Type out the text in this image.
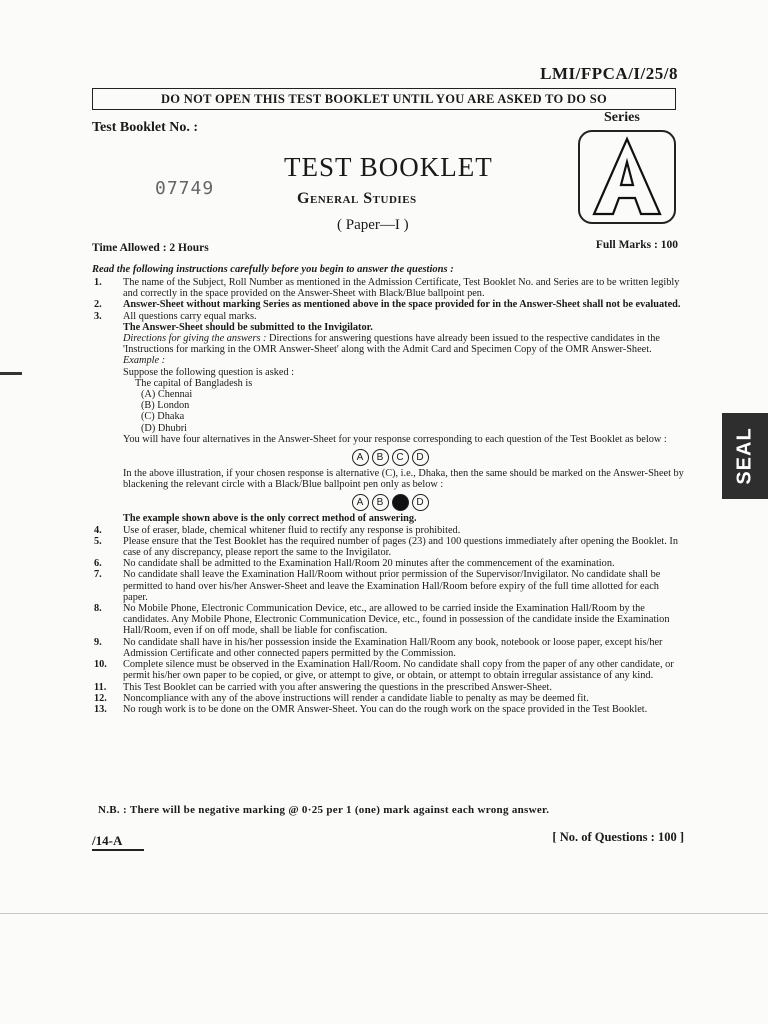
LMI/FPCA/I/25/8
DO NOT OPEN THIS TEST BOOKLET UNTIL YOU ARE ASKED TO DO SO
Test Booklet No. :
07749
Series
TEST BOOKLET
General Studies
( Paper—I )
Time Allowed : 2 Hours	Full Marks : 100
Read the following instructions carefully before you begin to answer the questions :
1.	The name of the Subject, Roll Number as mentioned in the Admission Certificate, Test Booklet No. and Series are to be written legibly and correctly in the space provided on the Answer-Sheet with Black/Blue ballpoint pen.
2.	Answer-Sheet without marking Series as mentioned above in the space provided for in the Answer-Sheet shall not be evaluated.
3.	All questions carry equal marks.
The Answer-Sheet should be submitted to the Invigilator.
Directions for giving the answers : Directions for answering questions have already been issued to the respective candidates in the 'Instructions for marking in the OMR Answer-Sheet' along with the Admit Card and Specimen Copy of the OMR Answer-Sheet.
Example :
Suppose the following question is asked :
The capital of Bangladesh is
(A) Chennai
(B) London
(C) Dhaka
(D) Dhubri
You will have four alternatives in the Answer-Sheet for your response corresponding to each question of the Test Booklet as below :
A	B	C	D
In the above illustration, if your chosen response is alternative (C), i.e., Dhaka, then the same should be marked on the Answer-Sheet by blackening the relevant circle with a Black/Blue ballpoint pen only as below :
A	B	D
The example shown above is the only correct method of answering.
4.	Use of eraser, blade, chemical whitener fluid to rectify any response is prohibited.
5.	Please ensure that the Test Booklet has the required number of pages (23) and 100 questions immediately after opening the Booklet. In case of any discrepancy, please report the same to the Invigilator.
6.	No candidate shall be admitted to the Examination Hall/Room 20 minutes after the commencement of the examination.
7.	No candidate shall leave the Examination Hall/Room without prior permission of the Supervisor/Invigilator. No candidate shall be permitted to hand over his/her Answer-Sheet and leave the Examination Hall/Room before expiry of the full time allotted for each paper.
8.	No Mobile Phone, Electronic Communication Device, etc., are allowed to be carried inside the Examination Hall/Room by the candidates. Any Mobile Phone, Electronic Communication Device, etc., found in possession of the candidate inside the Examination Hall/Room, even if on off mode, shall be liable for confiscation.
9.	No candidate shall have in his/her possession inside the Examination Hall/Room any book, notebook or loose paper, except his/her Admission Certificate and other connected papers permitted by the Commission.
10.	Complete silence must be observed in the Examination Hall/Room. No candidate shall copy from the paper of any other candidate, or permit his/her own paper to be copied, or give, or attempt to give, or obtain, or attempt to obtain irregular assistance of any kind.
11.	This Test Booklet can be carried with you after answering the questions in the prescribed Answer-Sheet.
12.	Noncompliance with any of the above instructions will render a candidate liable to penalty as may be deemed fit.
13.	No rough work is to be done on the OMR Answer-Sheet. You can do the rough work on the space provided in the Test Booklet.
N.B. : There will be negative marking @ 0·25 per 1 (one) mark against each wrong answer.
/14-A	[ No. of Questions : 100 ]
SEAL
